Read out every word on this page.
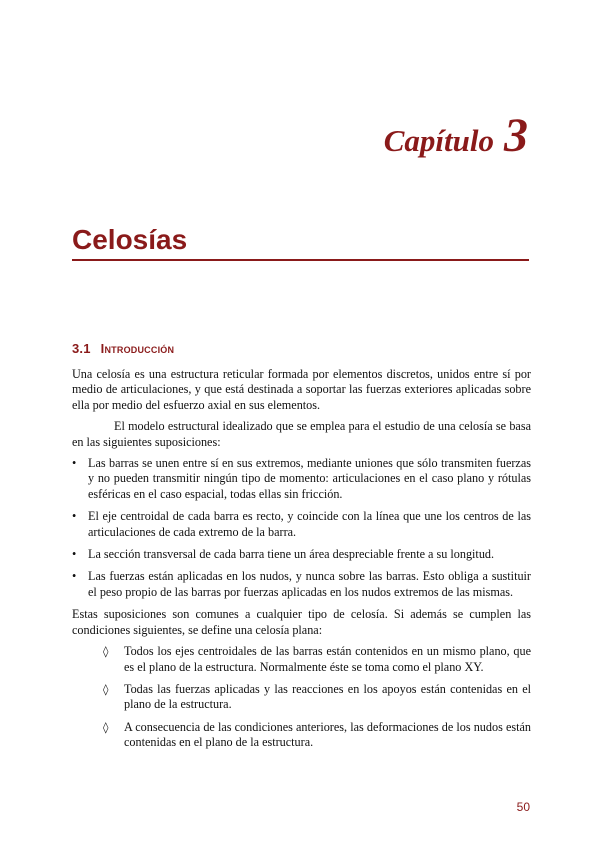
Capítulo 3
Celosías
3.1 Introducción

Una celosía es una estructura reticular formada por elementos discretos, unidos entre sí por medio de articulaciones, y que está destinada a soportar las fuerzas exteriores aplicadas sobre ella por medio del esfuerzo axial en sus elementos.

El modelo estructural idealizado que se emplea para el estudio de una celosía se basa en las siguientes suposiciones:

• Las barras se unen entre sí en sus extremos, mediante uniones que sólo transmiten fuerzas y no pueden transmitir ningún tipo de momento: articulaciones en el caso plano y rótulas esféricas en el caso espacial, todas ellas sin fricción.
• El eje centroidal de cada barra es recto, y coincide con la línea que une los centros de las articulaciones de cada extremo de la barra.
• La sección transversal de cada barra tiene un área despreciable frente a su longitud.
• Las fuerzas están aplicadas en los nudos, y nunca sobre las barras. Esto obliga a sustituir el peso propio de las barras por fuerzas aplicadas en los nudos extremos de las mismas.

Estas suposiciones son comunes a cualquier tipo de celosía. Si además se cumplen las condiciones siguientes, se define una celosía plana:

◊ Todos los ejes centroidales de las barras están contenidos en un mismo plano, que es el plano de la estructura. Normalmente éste se toma como el plano XY.
◊ Todas las fuerzas aplicadas y las reacciones en los apoyos están contenidas en el plano de la estructura.
◊ A consecuencia de las condiciones anteriores, las deformaciones de los nudos están contenidas en el plano de la estructura.
50
